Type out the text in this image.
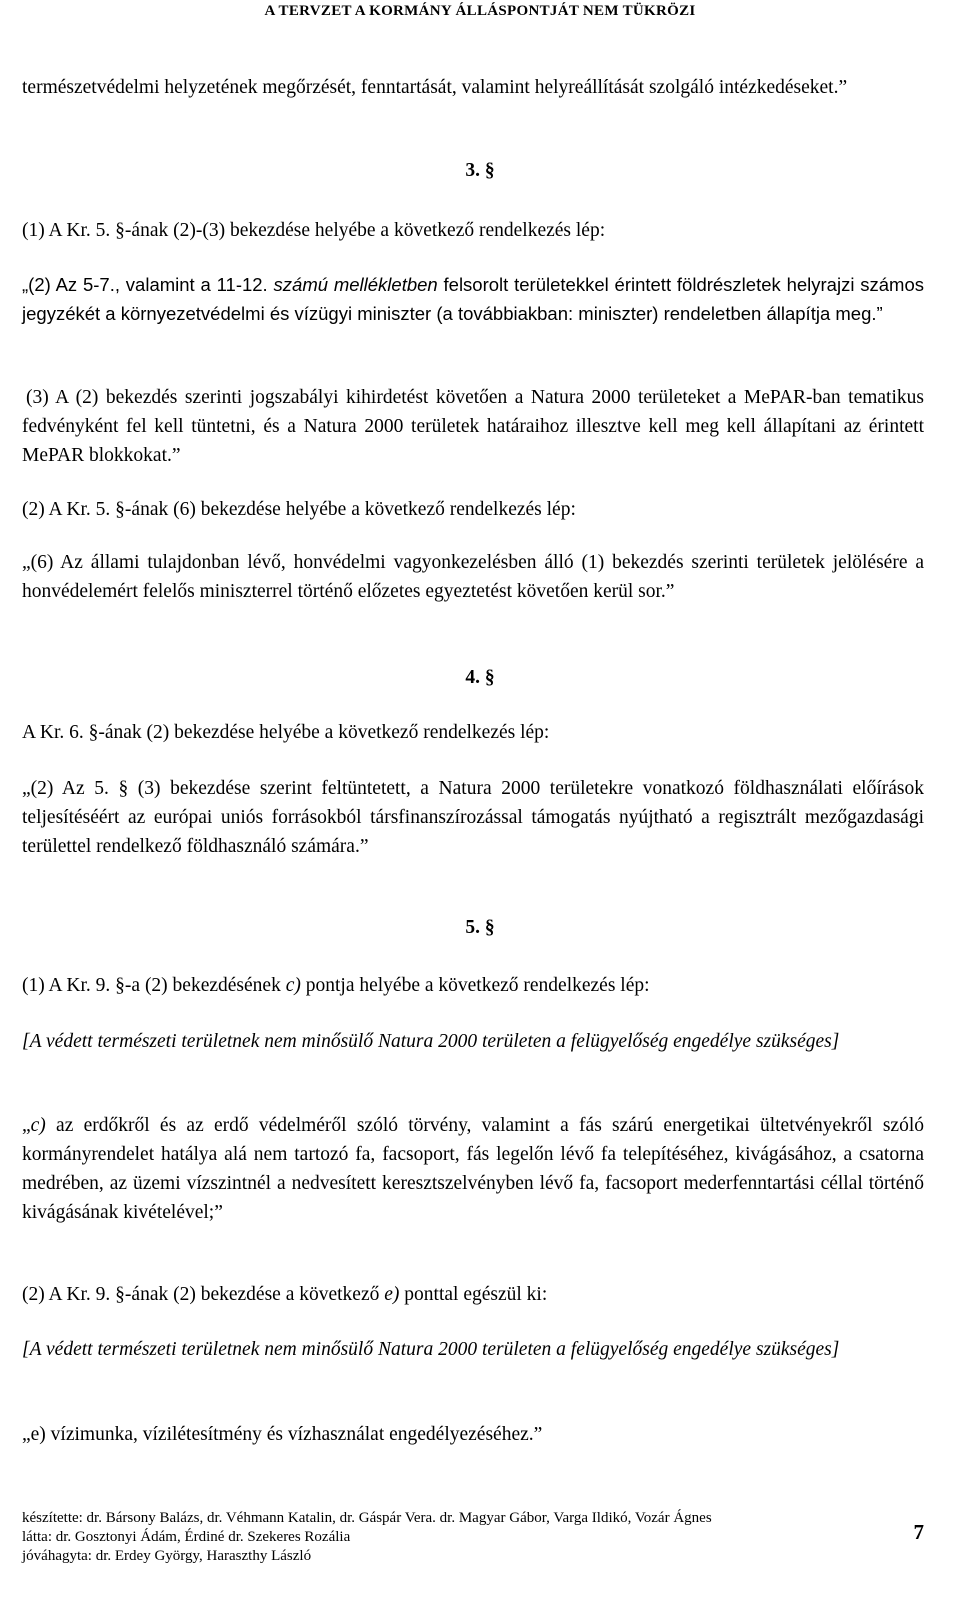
A TERVZET A KORMÁNY ÁLLÁSPONTJÁT NEM TÜKRÖZI
természetvédelmi helyzetének megőrzését, fenntartását, valamint helyreállítását szolgáló intézkedéseket.”
3. §
(1) A Kr. 5. §-ának (2)-(3) bekezdése helyébe a következő rendelkezés lép:
„(2) Az 5-7., valamint a 11-12. számú mellékletben felsorolt területekkel érintett földrészletek helyrajzi számos jegyzékét a környezetvédelmi és vízügyi miniszter (a továbbiakban: miniszter) rendeletben állapítja meg.”
(3) A (2) bekezdés szerinti jogszabályi kihirdetést követően a Natura 2000 területeket a MePAR-ban tematikus fedvényként fel kell tüntetni, és a Natura 2000 területek határaihoz illesztve kell meg kell állapítani az érintett MePAR blokkokat.”
(2) A Kr. 5. §-ának (6) bekezdése helyébe a következő rendelkezés lép:
„(6) Az állami tulajdonban lévő, honvédelmi vagyonkezelésben álló (1) bekezdés szerinti területek jelölésére a honvédelemért felelős miniszterrel történő előzetes egyeztetést követően kerül sor.”
4. §
A Kr. 6. §-ának (2) bekezdése helyébe a következő rendelkezés lép:
„(2) Az 5. § (3) bekezdése szerint feltüntetett, a Natura 2000 területekre vonatkozó földhasználati előírások teljesítéséért az európai uniós forrásokból társfinanszírozással támogatás nyújtható a regisztrált mezőgazdasági területtel rendelkező földhasználó számára.”
5. §
(1) A Kr. 9. §-a (2) bekezdésének c) pontja helyébe a következő rendelkezés lép:
[A védett természeti területnek nem minősülő Natura 2000 területen a felügyelőség engedélye szükséges]
„c) az erdőkről és az erdő védelméről szóló törvény, valamint a fás szárú energetikai ültetvényekről szóló kormányrendelet hatálya alá nem tartozó fa, facsoport, fás legelőn lévő fa telepítéséhez, kivágásához, a csatorna medrében, az üzemi vízszintnél a nedvesített keresztszelvényben lévő fa, facsoport mederfenntartási céllal történő kivágásának kivételével;”
(2) A Kr. 9. §-ának (2) bekezdése a következő e) ponttal egészül ki:
[A védett természeti területnek nem minősülő Natura 2000 területen a felügyelőség engedélye szükséges]
„e) vízimunka, vízilétesítmény és vízhasználat engedélyezéséhez.”
készítette: dr. Bársony Balázs, dr. Véhmann Katalin, dr. Gáspár Vera. dr. Magyar Gábor, Varga Ildikó, Vozár Ágnes
látta: dr. Gosztonyi Ádám, Érdiné dr. Szekeres Rozália
jóváhagyta: dr. Erdey György, Haraszthy László
7
